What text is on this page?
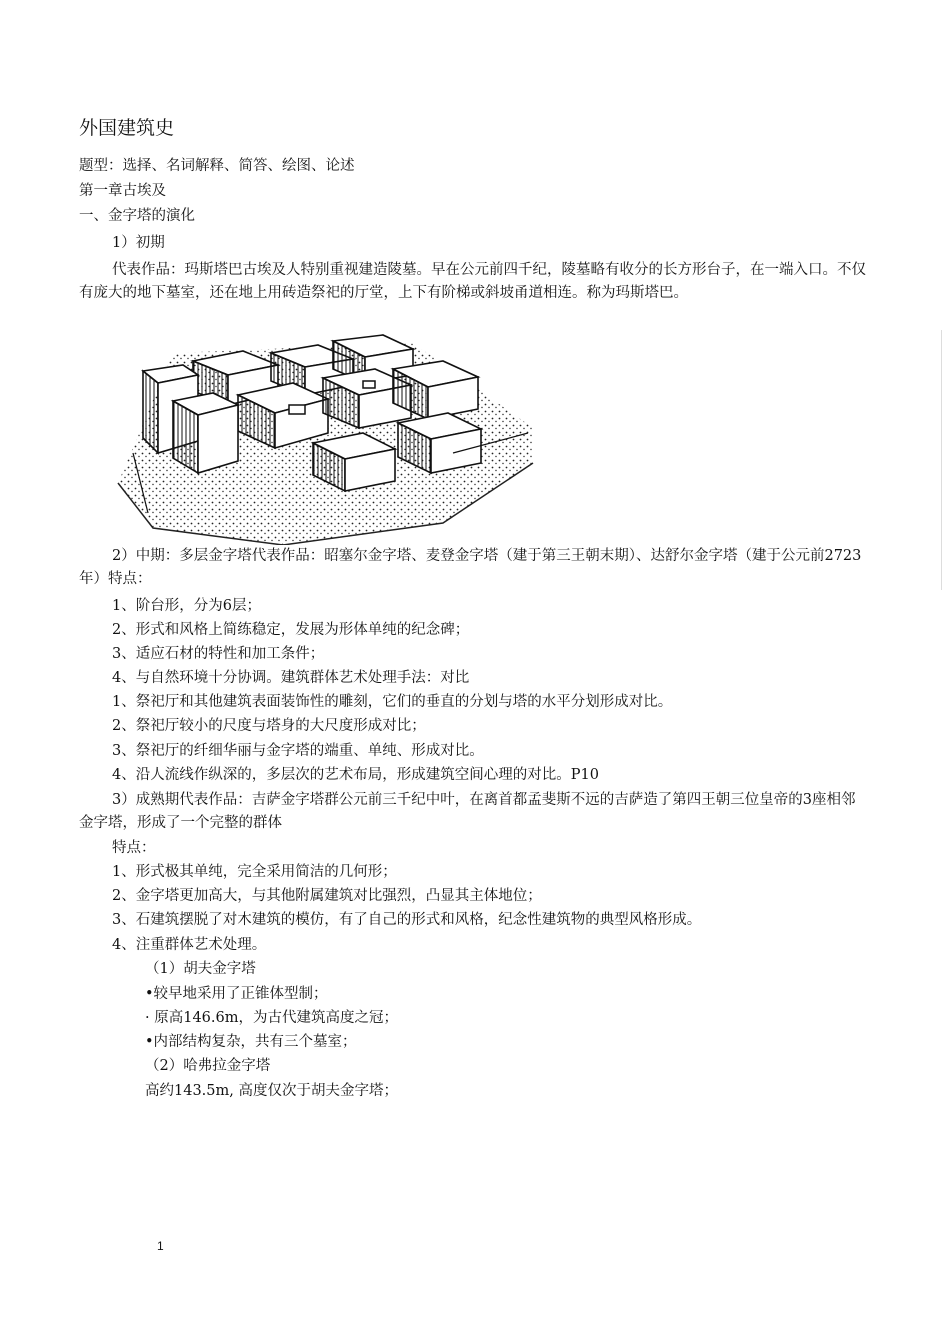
外国建筑史
题型：选择、名词解释、简答、绘图、论述
第一章古埃及
一、金字塔的演化
1）初期
代表作品：玛斯塔巴古埃及人特别重视建造陵墓。早在公元前四千纪，陵墓略有收分的长方形台子，在一端入口。不仅有庞大的地下墓室，还在地上用砖造祭祀的厅堂，上下有阶梯或斜坡甬道相连。称为玛斯塔巴。
2）中期：多层金字塔代表作品：昭塞尔金字塔、麦登金字塔（建于第三王朝末期）、达舒尔金字塔（建于公元前2723年）特点：
1、阶台形，分为6层；
2、形式和风格上简练稳定，发展为形体单纯的纪念碑；
3、适应石材的特性和加工条件；
4、与自然环境十分协调。建筑群体艺术处理手法：对比
1、祭祀厅和其他建筑表面装饰性的雕刻，它们的垂直的分划与塔的水平分划形成对比。
2、祭祀厅较小的尺度与塔身的大尺度形成对比；
3、祭祀厅的纤细华丽与金字塔的端重、单纯、形成对比。
4、沿人流线作纵深的，多层次的艺术布局，形成建筑空间心理的对比。P10
3）成熟期代表作品：吉萨金字塔群公元前三千纪中叶，在离首都孟斐斯不远的吉萨造了第四王朝三位皇帝的3座相邻金字塔，形成了一个完整的群体
特点：
1、形式极其单纯，完全采用简洁的几何形；
2、金字塔更加高大，与其他附属建筑对比强烈，凸显其主体地位；
3、石建筑摆脱了对木建筑的模仿，有了自己的形式和风格，纪念性建筑物的典型风格形成。
4、注重群体艺术处理。
（1）胡夫金字塔
•较早地采用了正锥体型制；
· 原高146.6m，为古代建筑高度之冠；
•内部结构复杂，共有三个墓室；
（2）哈弗拉金字塔
高约143.5m, 高度仅次于胡夫金字塔；
1
